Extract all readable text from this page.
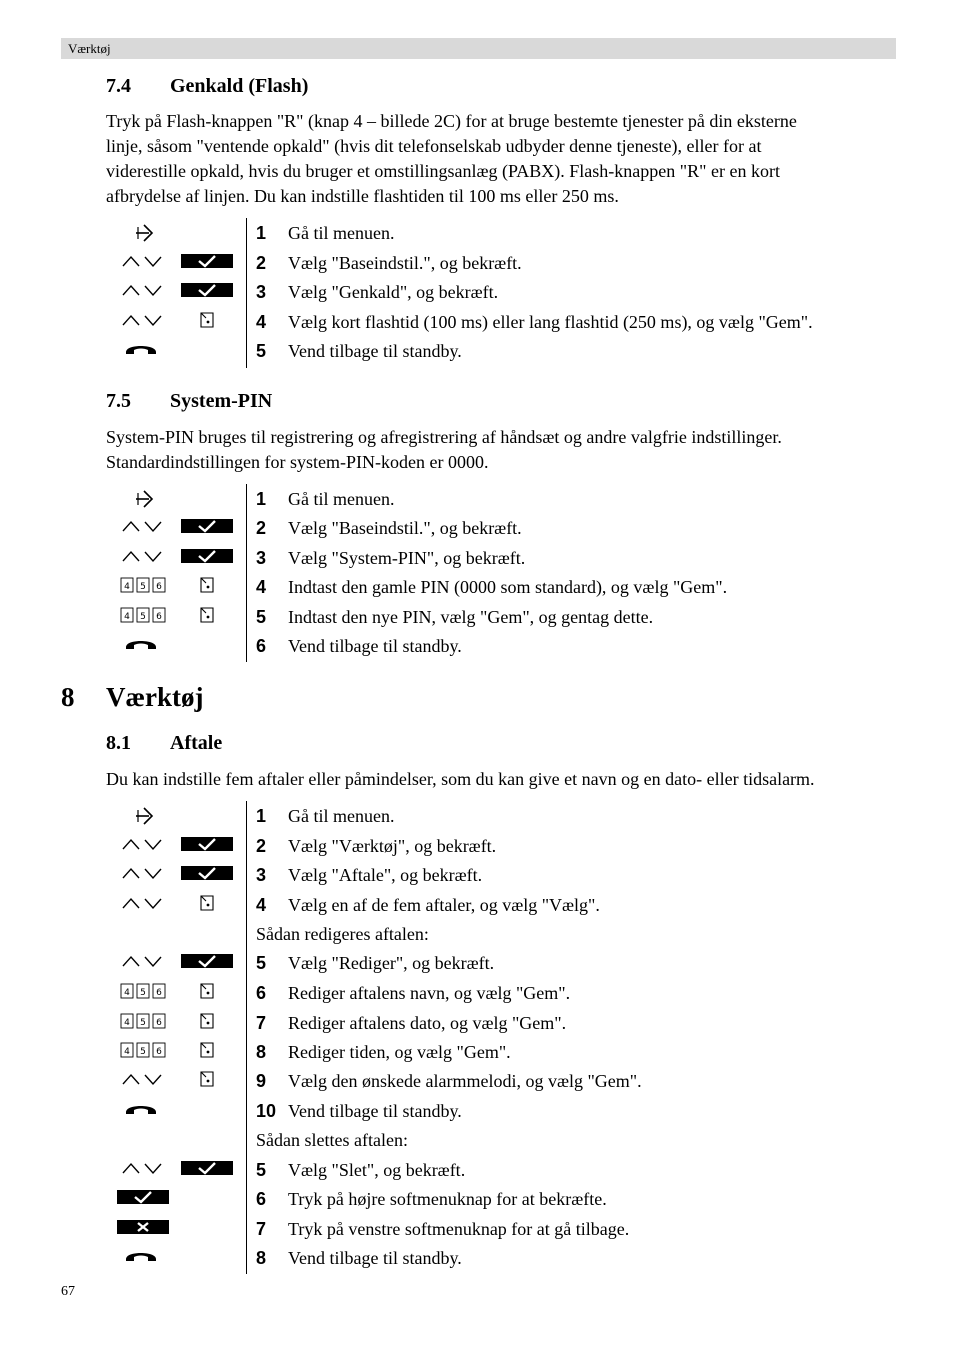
Værktøj
7.4 Genkald (Flash)
Tryk på Flash-knappen "R" (knap 4 – billede 2C) for at bruge bestemte tjenester på din eksterne
linje, såsom "ventende opkald" (hvis dit telefonselskab udbyder denne tjeneste), eller for at
viderestille opkald, hvis du bruger et omstillingsanlæg (PABX). Flash-knappen "R" er en kort
afbrydelse af linjen. Du kan indstille flashtiden til 100 ms eller 250 ms.
1	Gå til menuen.
2	Vælg "Baseindstil.", og bekræft.
3	Vælg "Genkald", og bekræft.
4	Vælg kort flashtid (100 ms) eller lang flashtid (250 ms), og vælg "Gem".
5	Vend tilbage til standby.
7.5 System-PIN
System-PIN bruges til registrering og afregistrering af håndsæt og andre valgfrie indstillinger.
Standardindstillingen for system-PIN-koden er 0000.
1	Gå til menuen.
2	Vælg "Baseindstil.", og bekræft.
3	Vælg "System-PIN", og bekræft.
4 5 6	4	Indtast den gamle PIN (0000 som standard), og vælg "Gem".
4 5 6	5	Indtast den nye PIN, vælg "Gem", og gentag dette.
6	Vend tilbage til standby.
8 Værktøj
8.1 Aftale
Du kan indstille fem aftaler eller påmindelser, som du kan give et navn og en dato- eller tidsalarm.
1	Gå til menuen.
2	Vælg "Værktøj", og bekræft.
3	Vælg "Aftale", og bekræft.
4	Vælg en af de fem aftaler, og vælg "Vælg".
Sådan redigeres aftalen:
5	Vælg "Rediger", og bekræft.
4 5 6	6	Rediger aftalens navn, og vælg "Gem".
4 5 6	7	Rediger aftalens dato, og vælg "Gem".
4 5 6	8	Rediger tiden, og vælg "Gem".
9	Vælg den ønskede alarmmelodi, og vælg "Gem".
10 Vend tilbage til standby.
Sådan slettes aftalen:
5	Vælg "Slet", og bekræft.
6	Tryk på højre softmenuknap for at bekræfte.
7	Tryk på venstre softmenuknap for at gå tilbage.
8	Vend tilbage til standby.
67
